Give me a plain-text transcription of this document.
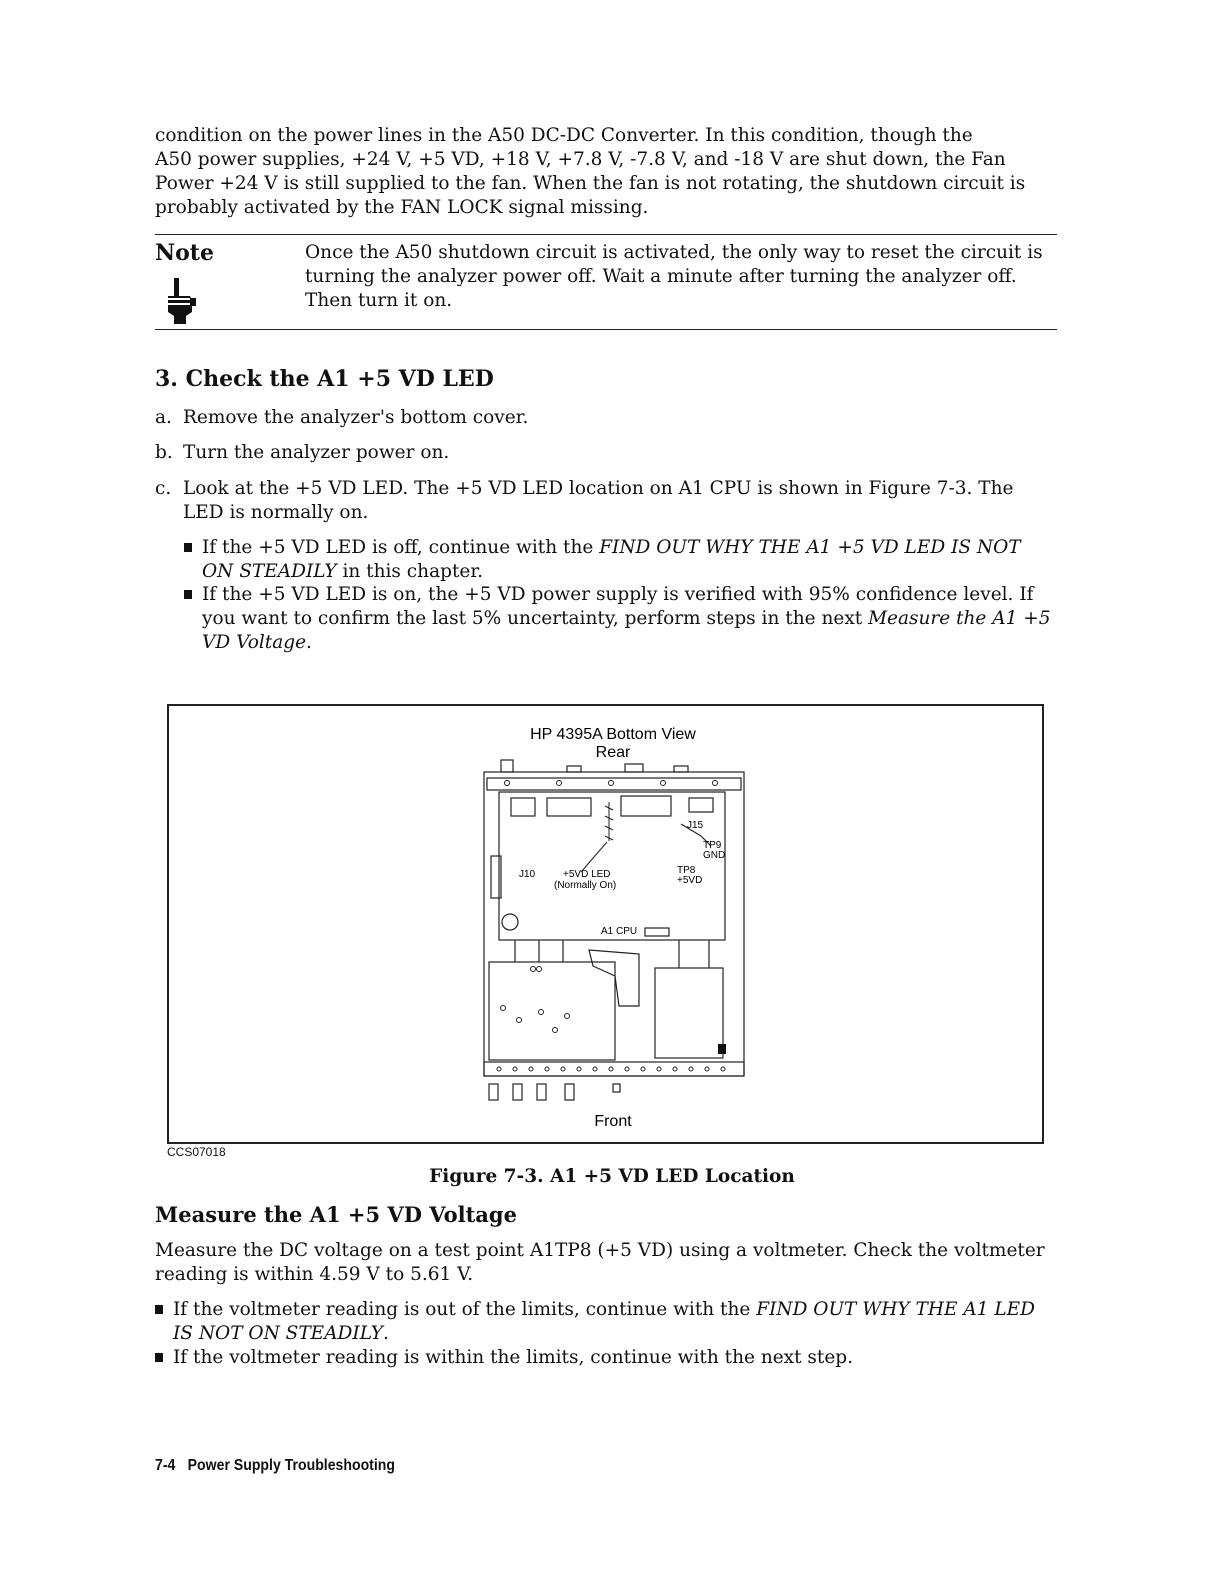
condition on the power lines in the A50 DC-DC Converter. In this condition, though the
A50 power supplies, +24 V, +5 VD, +18 V, +7.8 V, -7.8 V, and -18 V are shut down, the Fan
Power +24 V is still supplied to the fan. When the fan is not rotating, the shutdown circuit is
probably activated by the FAN LOCK signal missing.
Note	Once the A50 shutdown circuit is activated, the only way to reset the circuit is
turning the analyzer power off. Wait a minute after turning the analyzer off.
Then turn it on.
3. Check the A1 +5 VD LED
a. Remove the analyzer's bottom cover.
b. Turn the analyzer power on.
c. Look at the +5 VD LED. The +5 VD LED location on A1 CPU is shown in Figure 7-3. The
LED is normally on.
If the +5 VD LED is off, continue with the FIND OUT WHY THE A1 +5 VD LED IS NOT
ON STEADILY in this chapter.
If the +5 VD LED is on, the +5 VD power supply is verified with 95% confidence level. If
you want to confirm the last 5% uncertainty, perform steps in the next Measure the A1 +5
VD Voltage.
HP 4395A Bottom View
Rear
J15
TP9
GND
J10	+5VD LED
(Normally On)
TP8
+5VD
A1 CPU
Front
CCS07018
Figure 7-3. A1 +5 VD LED Location
Measure the A1 +5 VD Voltage
Measure the DC voltage on a test point A1TP8 (+5 VD) using a voltmeter. Check the voltmeter
reading is within 4.59 V to 5.61 V.
If the voltmeter reading is out of the limits, continue with the FIND OUT WHY THE A1 LED
IS NOT ON STEADILY.
If the voltmeter reading is within the limits, continue with the next step.
7-4 Power Supply Troubleshooting
